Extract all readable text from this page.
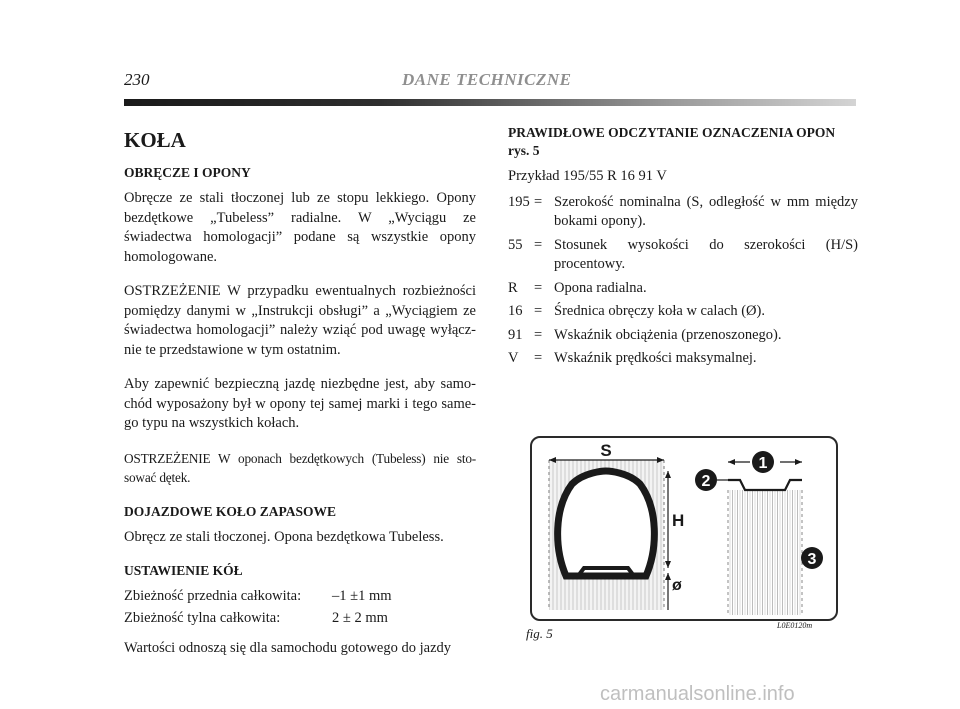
230	DANE TECHNICZNE
KOŁA
OBRĘCZE I OPONY

Obręcze ze stali tłoczonej lub ze stopu lekkiego. Opony bezdętkowe „Tubeless” radialne. W „Wyciągu ze świadectwa homologacji” podane są wszystkie opony homologowane.

OSTRZEŻENIE W przypadku ewentualnych rozbieżności pomiędzy danymi w „Instrukcji obsługi” a „Wyciągiem ze świadectwa homologacji” należy wziąć pod uwagę wyłącz-nie te przedstawione w tym ostatnim.

Aby zapewnić bezpieczną jazdę niezbędne jest, aby samo-chód wyposażony był w opony tej samej marki i tego same-go typu na wszystkich kołach.

OSTRZEŻENIE W oponach bezdętkowych (Tubeless) nie sto-sować dętek.

DOJAZDOWE KOŁO ZAPASOWE

Obręcz ze stali tłoczonej. Opona bezdętkowa Tubeless.

USTAWIENIE KÓŁ
Zbieżność przednia całkowita:	–1 ±1 mm
Zbieżność tylna całkowita:	2 ± 2 mm
Wartości odnoszą się dla samochodu gotowego do jazdy
PRAWIDŁOWE ODCZYTANIE OZNACZENIA OPON
rys. 5
Przykład 195/55 R 16 91 V
195 = Szerokość nominalna (S, odległość w mm między bokami opony).
55 = Stosunek wysokości do szerokości (H/S) procentowy.
R	= Opona radialna.
16 = Średnica obręczy koła w calach (Ø).
91 = Wskaźnik obciążenia (przenoszonego).
V	= Wskaźnik prędkości maksymalnej.
S
H
ø
1
2
3
fig. 5
L0E0120m
carmanualsonline.info
